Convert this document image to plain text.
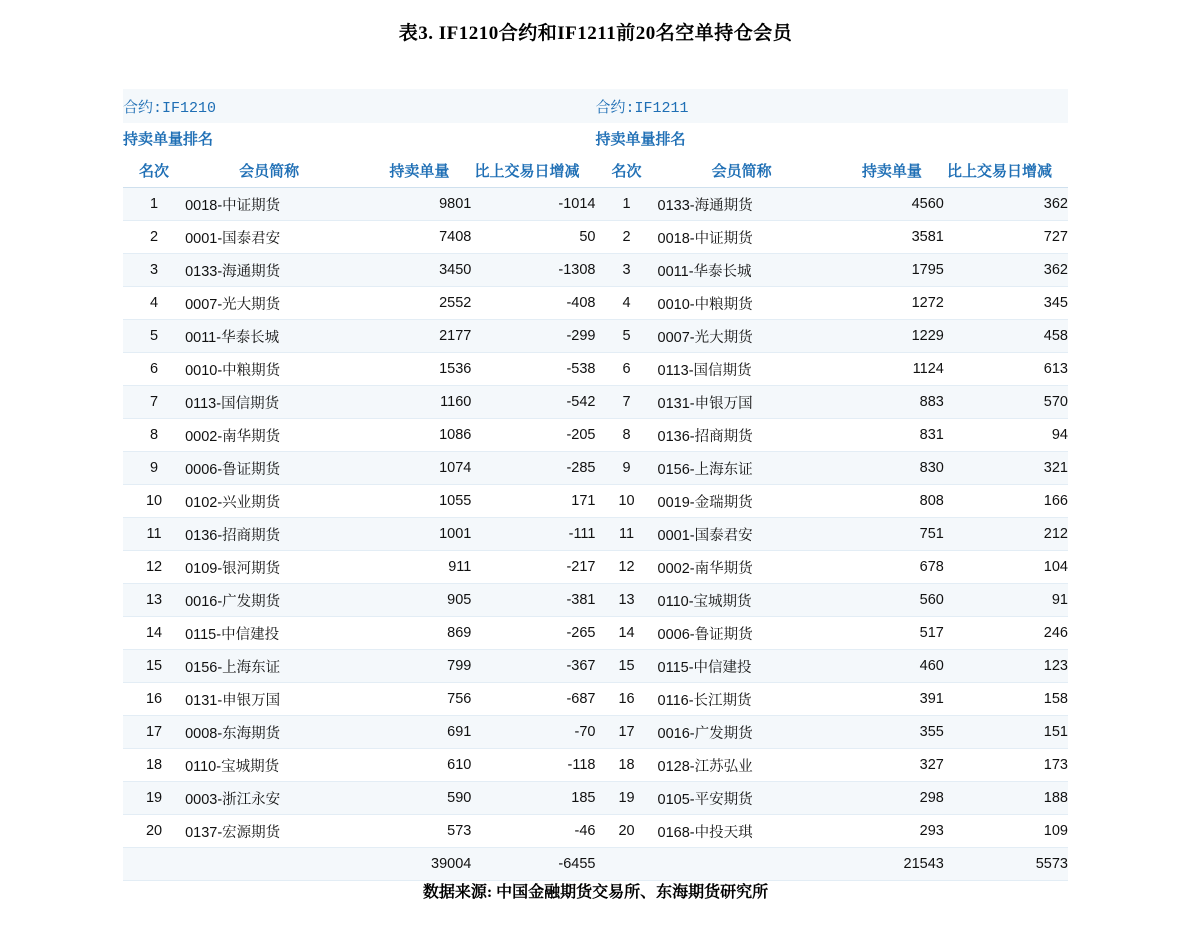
表3. IF1210合约和IF1211前20名空单持仓会员
合约:IF1210				合约:IF1211			
持卖单量排名				持卖单量排名			
名次	会员简称	持卖单量	比上交易日增减	名次	会员简称	持卖单量	比上交易日增减
1	0018-中证期货	9801	-1014	1	0133-海通期货	4560	362
2	0001-国泰君安	7408	50	2	0018-中证期货	3581	727
3	0133-海通期货	3450	-1308	3	0011-华泰长城	1795	362
4	0007-光大期货	2552	-408	4	0010-中粮期货	1272	345
5	0011-华泰长城	2177	-299	5	0007-光大期货	1229	458
6	0010-中粮期货	1536	-538	6	0113-国信期货	1124	613
7	0113-国信期货	1160	-542	7	0131-申银万国	883	570
8	0002-南华期货	1086	-205	8	0136-招商期货	831	94
9	0006-鲁证期货	1074	-285	9	0156-上海东证	830	321
10	0102-兴业期货	1055	171	10	0019-金瑞期货	808	166
11	0136-招商期货	1001	-111	11	0001-国泰君安	751	212
12	0109-银河期货	911	-217	12	0002-南华期货	678	104
13	0016-广发期货	905	-381	13	0110-宝城期货	560	91
14	0115-中信建投	869	-265	14	0006-鲁证期货	517	246
15	0156-上海东证	799	-367	15	0115-中信建投	460	123
16	0131-申银万国	756	-687	16	0116-长江期货	391	158
17	0008-东海期货	691	-70	17	0016-广发期货	355	151
18	0110-宝城期货	610	-118	18	0128-江苏弘业	327	173
19	0003-浙江永安	590	185	19	0105-平安期货	298	188
20	0137-宏源期货	573	-46	20	0168-中投天琪	293	109
		39004	-6455			21543	5573
数据来源: 中国金融期货交易所、东海期货研究所
